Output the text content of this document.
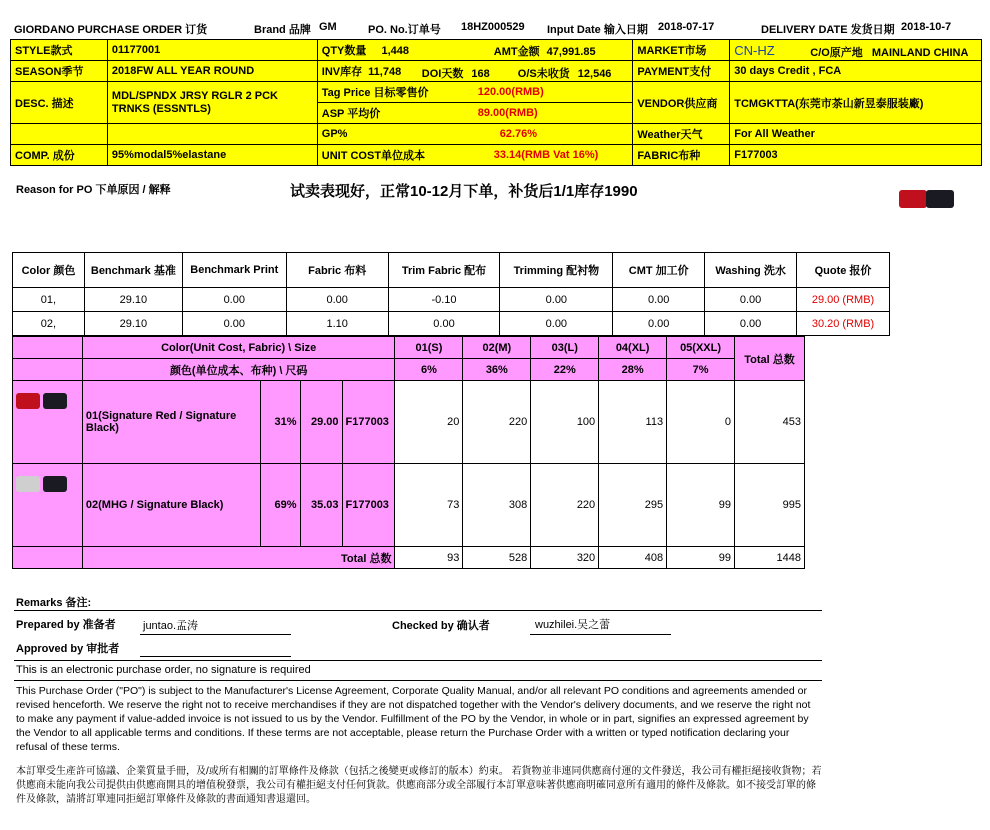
GIORDANO PURCHASE ORDER 订货	Brand 品牌 GM	PO. No.订单号 18HZ000529 Input Date 输入日期 2018-07-17	DELIVERY DATE 发货日期 2018-10-7
STYLE款式	01177001	QTY数量 1,448 AMT金额 47,991.85	MARKET市场	CN-HZ C/O原产地 MAINLAND CHINA

SEASON季节	2018FW ALL YEAR ROUND	INV库存 11,748 DOI天数 168 O/S未收货 12,546	PAYMENT支付	30 days Credit , FCA
DESC. 描述	MDL/SPNDX JRSY RGLR 2 PCK TRNKS (ESSNTLS)	Tag Price 目标零售价 120.00(RMB)	VENDOR供应商	TCMGKTTA(东莞市茶山新昱泰服装廠)
		ASP 平均价 89.00(RMB)		

		GP% 62.76%	Weather天气	For All Weather
COMP. 成份	95%modal5%elastane	UNIT COST单位成本 33.14(RMB Vat 16%)	FABRIC布种	F177003
Reason for PO 下单原因 / 解释	试卖表现好，正常10-12月下单，补货后1/1库存1990
Color 颜色	Benchmark 基准	Benchmark Print	Fabric 布料	Trim Fabric 配布	Trimming 配衬物	CMT 加工价	Washing 洗水	Quote 报价
01,	29.10	0.00	0.00	-0.10	0.00	0.00	0.00	29.00 (RMB)
02,	29.10	0.00	1.10	0.00	0.00	0.00	0.00	30.20 (RMB)
	Color(Unit Cost, Fabric) \ Size				01(S)	02(M)	03(L)	04(XL)	05(XXL)	Total 总数
	颜色(单位成本、布种) \ 尺码				6%	36%	22%	28%	7%	
	01(Signature Red / Signature Black)	31%	29.00	F177003	20	220	100	113	0	453
	02(MHG / Signature Black)	69%	35.03	F177003	73	308	220	295	99	995
	Total 总数				93	528	320	408	99	1448
Remarks 备注:
Prepared by 准备者 juntao.孟涛	Checked by 确认者	wuzhilei.吴之蕾
Approved by 审批者
This is an electronic purchase order, no signature is required
This Purchase Order ("PO") is subject to the Manufacturer's License Agreement, Corporate Quality Manual, and/or all relevant PO conditions and agreements amended or revised henceforth. We reserve the right not to receive merchandises if they are not dispatched together with the Vendor's delivery documents, and we reserve the right not to make any payment if value-added invoice is not issued to us by the Vendor. Fulfillment of the PO by the Vendor, in whole or in part, signifies an expressed agreement by the Vendor to all applicable terms and conditions. If these terms are not acceptable, please return the Purchase Order with a written or typed notification declaring your refusal of these terms.
本訂單受生產許可協議、企業質量手冊，及/或所有相關的訂單條件及條款（包括之後變更或修訂的版本）約束。 若貨物並非連同供應商付運的文件發送，我公司有權拒絕接收貨物；若供應商未能向我公司提供由供應商開具的增值稅發票，我公司有權拒絕支付任何貨款。供應商部分或全部履行本訂單意味著供應商明確同意所有適用的條件及條款。如不接受訂單的條件及條款，請將訂單連同拒絕訂單條件及條款的書面通知書退還回。
